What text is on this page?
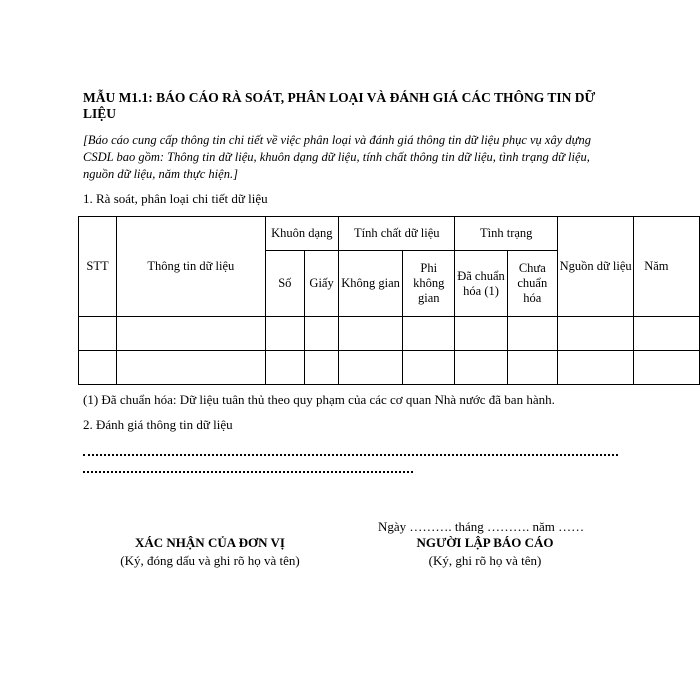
MẪU M1.1: BÁO CÁO RÀ SOÁT, PHÂN LOẠI VÀ ĐÁNH GIÁ CÁC THÔNG TIN DỮ LIỆU
[Báo cáo cung cấp thông tin chi tiết về việc phân loại và đánh giá thông tin dữ liệu phục vụ xây dựng CSDL bao gồm: Thông tin dữ liệu, khuôn dạng dữ liệu, tính chất thông tin dữ liệu, tình trạng dữ liệu, nguồn dữ liệu, năm thực hiện.]
1. Rà soát, phân loại chi tiết dữ liệu
STT	Thông tin dữ liệu	Khuôn dạng		Tính chất dữ liệu		Tình trạng		Nguồn dữ liệu	Năm
		Số	Giấy	Không gian	Phi không gian	Đã chuẩn hóa (1)	Chưa chuẩn hóa		

(1) Đã chuẩn hóa: Dữ liệu tuân thủ theo quy phạm của các cơ quan Nhà nước đã ban hành.
2. Đánh giá thông tin dữ liệu
Ngày ………. tháng ………. năm ……
XÁC NHẬN CỦA ĐƠN VỊ
(Ký, đóng dấu và ghi rõ họ và tên)
NGƯỜI LẬP BÁO CÁO
(Ký, ghi rõ họ và tên)
